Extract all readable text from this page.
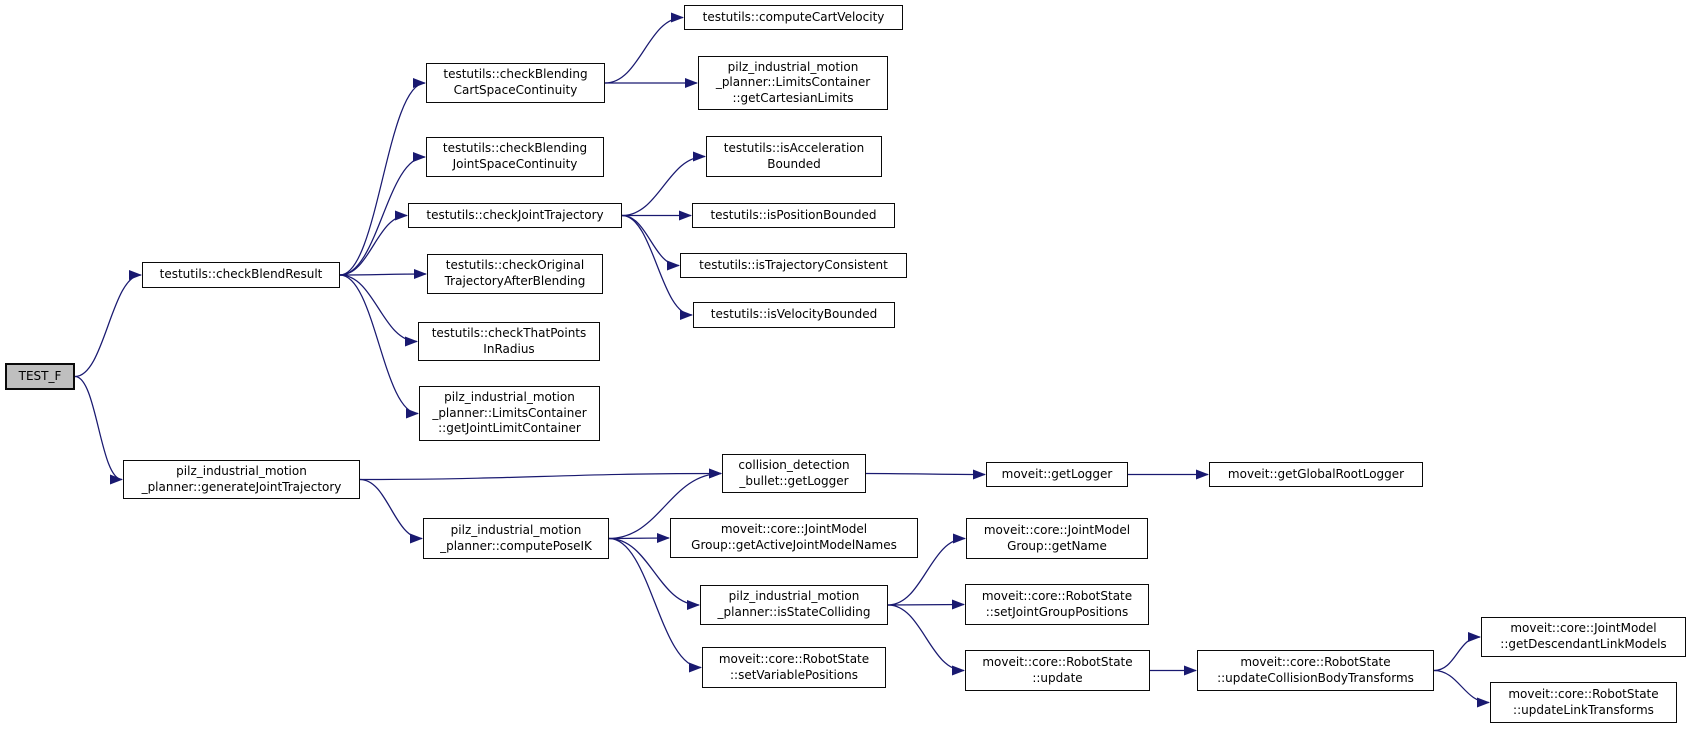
TEST_F
testutils::checkBlendResult
testutils::checkBlending
CartSpaceContinuity
testutils::computeCartVelocity
pilz_industrial_motion
_planner::LimitsContainer
::getCartesianLimits
testutils::checkBlending
JointSpaceContinuity
testutils::checkJointTrajectory
testutils::checkOriginal
TrajectoryAfterBlending
testutils::isAcceleration
Bounded
testutils::isPositionBounded
testutils::isTrajectoryConsistent
testutils::isVelocityBounded
testutils::checkThatPoints
InRadius
pilz_industrial_motion
_planner::LimitsContainer
::getJointLimitContainer
pilz_industrial_motion
_planner::generateJointTrajectory
pilz_industrial_motion
_planner::computePoseIK
collision_detection
_bullet::getLogger
moveit::core::JointModel
Group::getActiveJointModelNames
moveit::getLogger	moveit::getGlobalRootLogger
moveit::core::JointModel
Group::getName
pilz_industrial_motion
_planner::isStateColliding
moveit::core::RobotState
::setVariablePositions
moveit::core::RobotState
::setJointGroupPositions
moveit::core::RobotState
::update
moveit::core::RobotState
::updateCollisionBodyTransforms
moveit::core::JointModel
::getDescendantLinkModels
moveit::core::RobotState
::updateLinkTransforms
